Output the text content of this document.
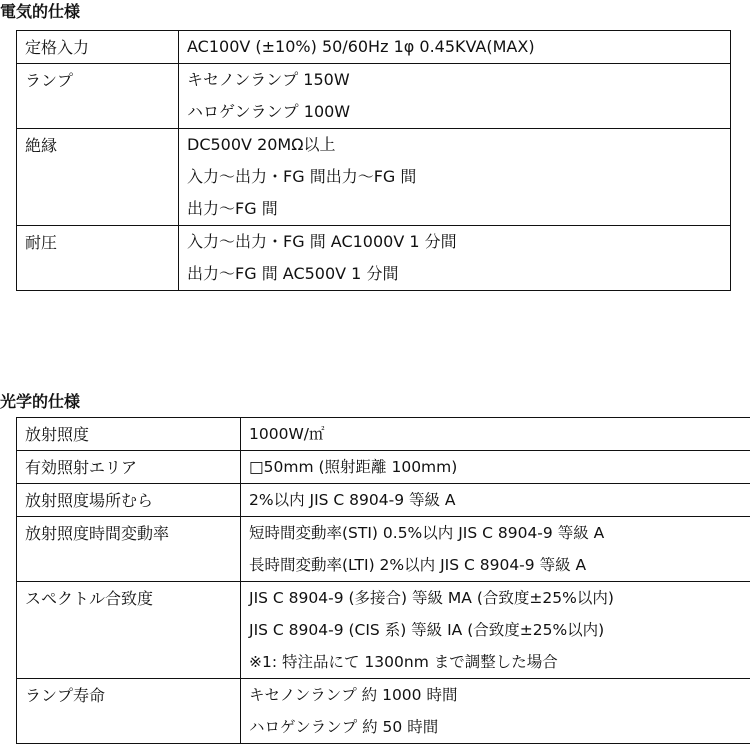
電気的仕様
定格入力	AC100V (±10%) 50/60Hz 1φ 0.45KVA(MAX)

ランプ	キセノンランプ 150W
ハロゲンランプ 100W

絶縁	DC500V 20MΩ以上
入力〜出力・FG 間出力〜FG 間
出力〜FG 間

耐圧	入力〜出力・FG 間 AC1000V 1 分間
出力〜FG 間 AC500V 1 分間
光学的仕様
放射照度	1000W/㎡

有効照射エリア	□50mm (照射距離 100mm)

放射照度場所むら	2%以内 JIS C 8904-9 等級 A

放射照度時間変動率	短時間変動率(STI) 0.5%以内 JIS C 8904-9 等級 A
長時間変動率(LTI) 2%以内 JIS C 8904-9 等級 A

スペクトル合致度	JIS C 8904-9 (多接合) 等級 MA (合致度±25%以内)
JIS C 8904-9 (CIS 系) 等級 IA (合致度±25%以内)
※1: 特注品にて 1300nm まで調整した場合

ランプ寿命	キセノンランプ 約 1000 時間
ハロゲンランプ 約 50 時間
